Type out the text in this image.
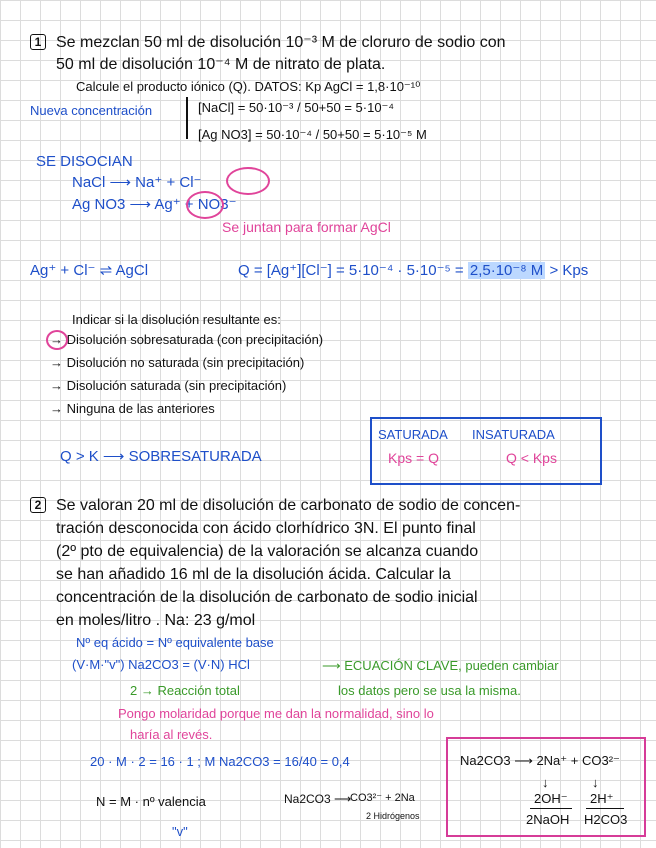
1 Se mezclan 50 ml de disolución 10⁻³ M de cloruro de sodio con
50 ml de disolución 10⁻⁴ M de nitrato de plata.
Calcule el producto iónico (Q). DATOS: Kp AgCl = 1,8·10⁻¹⁰
Nueva concentración	[NaCl] = 50·10⁻³ / 50+50 = 5·10⁻⁴
[Ag NO3] = 50·10⁻⁴ / 50+50 = 5·10⁻⁵ M
SE DISOCIAN
NaCl ⟶ Na⁺ + Cl⁻
Ag NO3 ⟶ Ag⁺ + NO3⁻
Se juntan para formar AgCl
Ag⁺ + Cl⁻ ⇌ AgCl	Q = [Ag⁺][Cl⁻] = 5·10⁻⁴ · 5·10⁻⁵ = 2,5·10⁻⁸ M > Kps
Indicar si la disolución resultante es:
→ Disolución sobresaturada (con precipitación)
→ Disolución no saturada (sin precipitación)
→ Disolución saturada (sin precipitación)
→ Ninguna de las anteriores
Q > K ⟶ SOBRESATURADA
SATURADA INSATURADA
Kps = Q	Q < Kps
2 Se valoran 20 ml de disolución de carbonato de sodio de concen-
tración desconocida con ácido clorhídrico 3N. El punto final
(2º pto de equivalencia) de la valoración se alcanza cuando
se han añadido 16 ml de la disolución ácida. Calcular la
concentración de la disolución de carbonato de sodio inicial
en moles/litro . Na: 23 g/mol
Nº eq ácido = Nº equivalente base
(V·M·"v") Na2CO3 = (V·N) HCl	⟶ ECUACIÓN CLAVE, pueden cambiar
2 → Reacción total	los datos pero se usa la misma.
Pongo molaridad porque me dan la normalidad, sino lo
haría al revés.
20 · M · 2 = 16 · 1 ; M Na2CO3 = 16/40 = 0,4
N = M · nº valencia
"v"
Na2CO3 ⟶
CO3²⁻ + 2Na
2 Hidrógenos
Na2CO3 ⟶ 2Na⁺ + CO3²⁻
↓	↓
2OH⁻ 2H⁺
2NaOH H2CO3
